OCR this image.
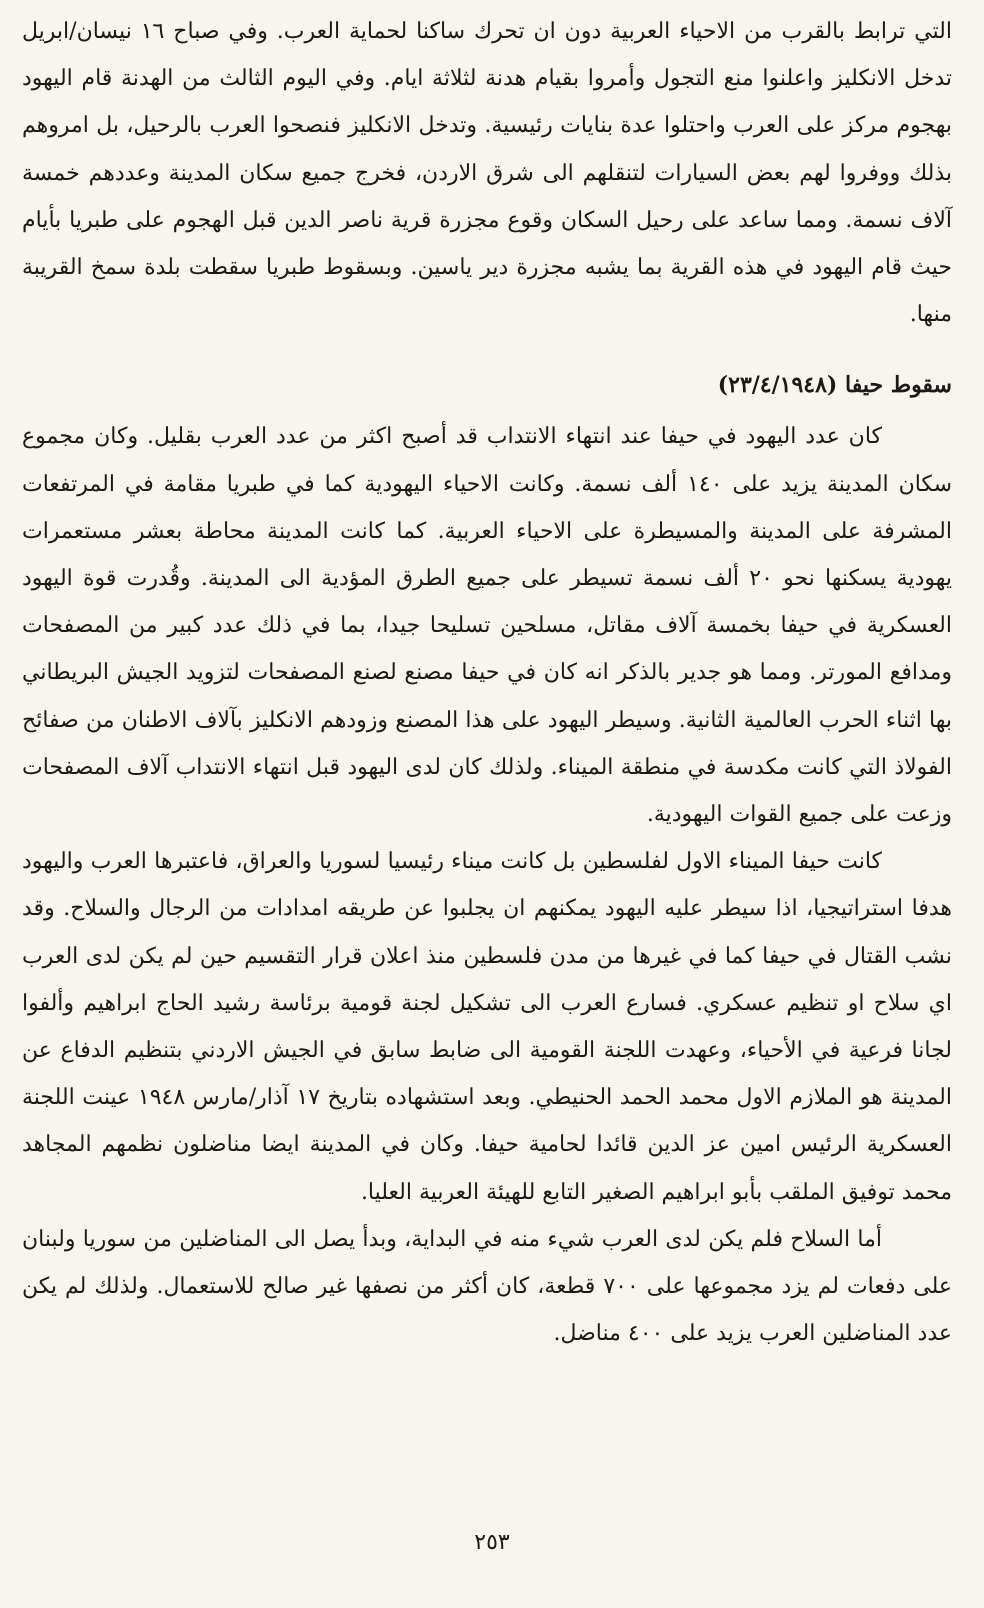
التي ترابط بالقرب من الاحياء العربية دون ان تحرك ساكنا لحماية العرب. وفي صباح ١٦ نيسان/ابريل تدخل الانكليز واعلنوا منع التجول وأمروا بقيام هدنة لثلاثة ايام. وفي اليوم الثالث من الهدنة قام اليهود بهجوم مركز على العرب واحتلوا عدة بنايات رئيسية. وتدخل الانكليز فنصحوا العرب بالرحيل، بل امروهم بذلك ووفروا لهم بعض السيارات لتنقلهم الى شرق الاردن، فخرج جميع سكان المدينة وعددهم خمسة آلاف نسمة. ومما ساعد على رحيل السكان وقوع مجزرة قرية ناصر الدين قبل الهجوم على طبريا بأيام حيث قام اليهود في هذه القرية بما يشبه مجزرة دير ياسين. وبسقوط طبريا سقطت بلدة سمخ القريبة منها.

سقوط حيفا (٢٣/٤/١٩٤٨)

كان عدد اليهود في حيفا عند انتهاء الانتداب قد أصبح اكثر من عدد العرب بقليل. وكان مجموع سكان المدينة يزيد على ١٤٠ ألف نسمة. وكانت الاحياء اليهودية كما في طبريا مقامة في المرتفعات المشرفة على المدينة والمسيطرة على الاحياء العربية. كما كانت المدينة محاطة بعشر مستعمرات يهودية يسكنها نحو ٢٠ ألف نسمة تسيطر على جميع الطرق المؤدية الى المدينة. وقُدرت قوة اليهود العسكرية في حيفا بخمسة آلاف مقاتل، مسلحين تسليحا جيدا، بما في ذلك عدد كبير من المصفحات ومدافع المورتر. ومما هو جدير بالذكر انه كان في حيفا مصنع لصنع المصفحات لتزويد الجيش البريطاني بها اثناء الحرب العالمية الثانية. وسيطر اليهود على هذا المصنع وزودهم الانكليز بآلاف الاطنان من صفائح الفولاذ التي كانت مكدسة في منطقة الميناء. ولذلك كان لدى اليهود قبل انتهاء الانتداب آلاف المصفحات وزعت على جميع القوات اليهودية.

كانت حيفا الميناء الاول لفلسطين بل كانت ميناء رئيسيا لسوريا والعراق، فاعتبرها العرب واليهود هدفا استراتيجيا، اذا سيطر عليه اليهود يمكنهم ان يجلبوا عن طريقه امدادات من الرجال والسلاح. وقد نشب القتال في حيفا كما في غيرها من مدن فلسطين منذ اعلان قرار التقسيم حين لم يكن لدى العرب اي سلاح او تنظيم عسكري. فسارع العرب الى تشكيل لجنة قومية برئاسة رشيد الحاج ابراهيم وألفوا لجانا فرعية في الأحياء، وعهدت اللجنة القومية الى ضابط سابق في الجيش الاردني بتنظيم الدفاع عن المدينة هو الملازم الاول محمد الحمد الحنيطي. وبعد استشهاده بتاريخ ١٧ آذار/مارس ١٩٤٨ عينت اللجنة العسكرية الرئيس امين عز الدين قائدا لحامية حيفا. وكان في المدينة ايضا مناضلون نظمهم المجاهد محمد توفيق الملقب بأبو ابراهيم الصغير التابع للهيئة العربية العليا.

أما السلاح فلم يكن لدى العرب شيء منه في البداية، وبدأ يصل الى المناضلين من سوريا ولبنان على دفعات لم يزد مجموعها على ٧٠٠ قطعة، كان أكثر من نصفها غير صالح للاستعمال. ولذلك لم يكن عدد المناضلين العرب يزيد على ٤٠٠ مناضل.

٢٥٣
